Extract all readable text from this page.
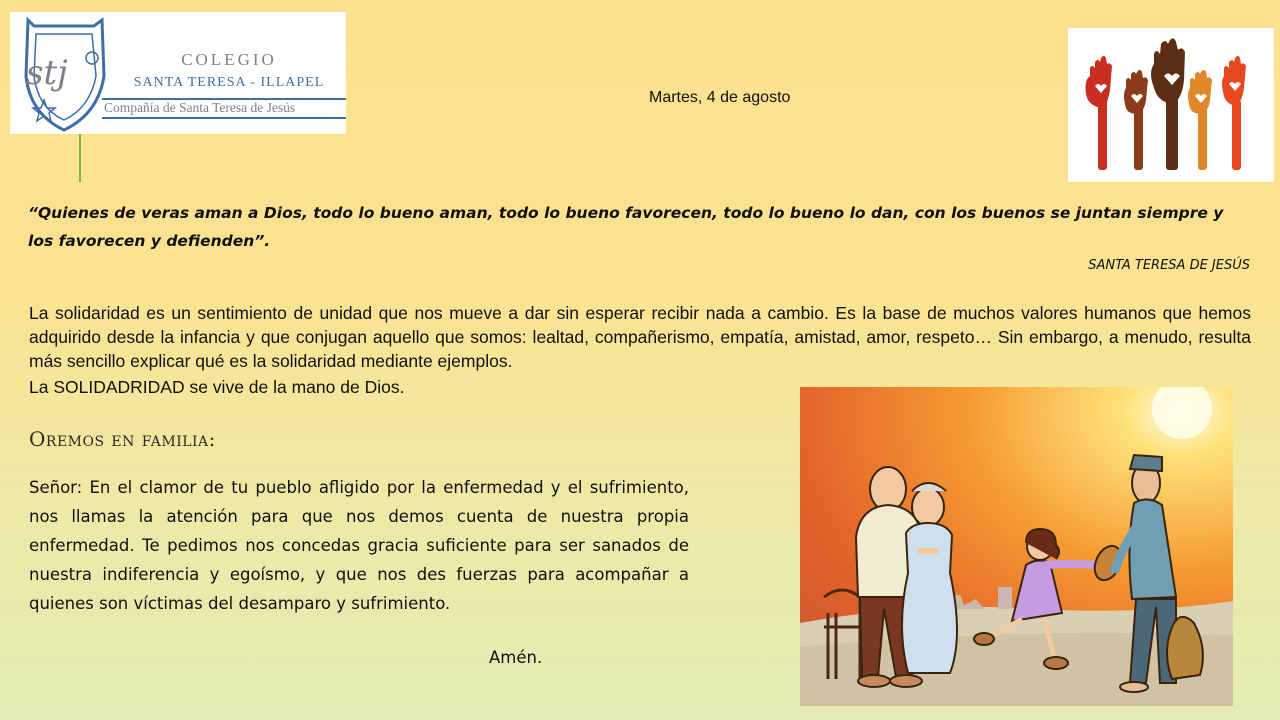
stj	COLEGIO
SANTA TERESA - ILLAPEL
Compañía de Santa Teresa de Jesús
Martes, 4 de agosto
“Quienes de veras aman a Dios, todo lo bueno aman, todo lo bueno favorecen, todo lo bueno lo dan, con los buenos se juntan siempre y los favorecen y defienden”.
SANTA TERESA DE JESÚS
La solidaridad es un sentimiento de unidad que nos mueve a dar sin esperar recibir nada a cambio. Es la base de muchos valores humanos que hemos adquirido desde la infancia y que conjugan aquello que somos: lealtad, compañerismo, empatía, amistad, amor, respeto… Sin embargo, a menudo, resulta más sencillo explicar qué es la solidaridad mediante ejemplos.
La SOLIDADRIDAD se vive de la mano de Dios.
Oremos en familia:
Señor: En el clamor de tu pueblo afligido por la enfermedad y el sufrimiento, nos llamas la atención para que nos demos cuenta de nuestra propia enfermedad. Te pedimos nos concedas gracia suficiente para ser sanados de nuestra indiferencia y egoísmo, y que nos des fuerzas para acompañar a quienes son víctimas del desamparo y sufrimiento.
Amén.
